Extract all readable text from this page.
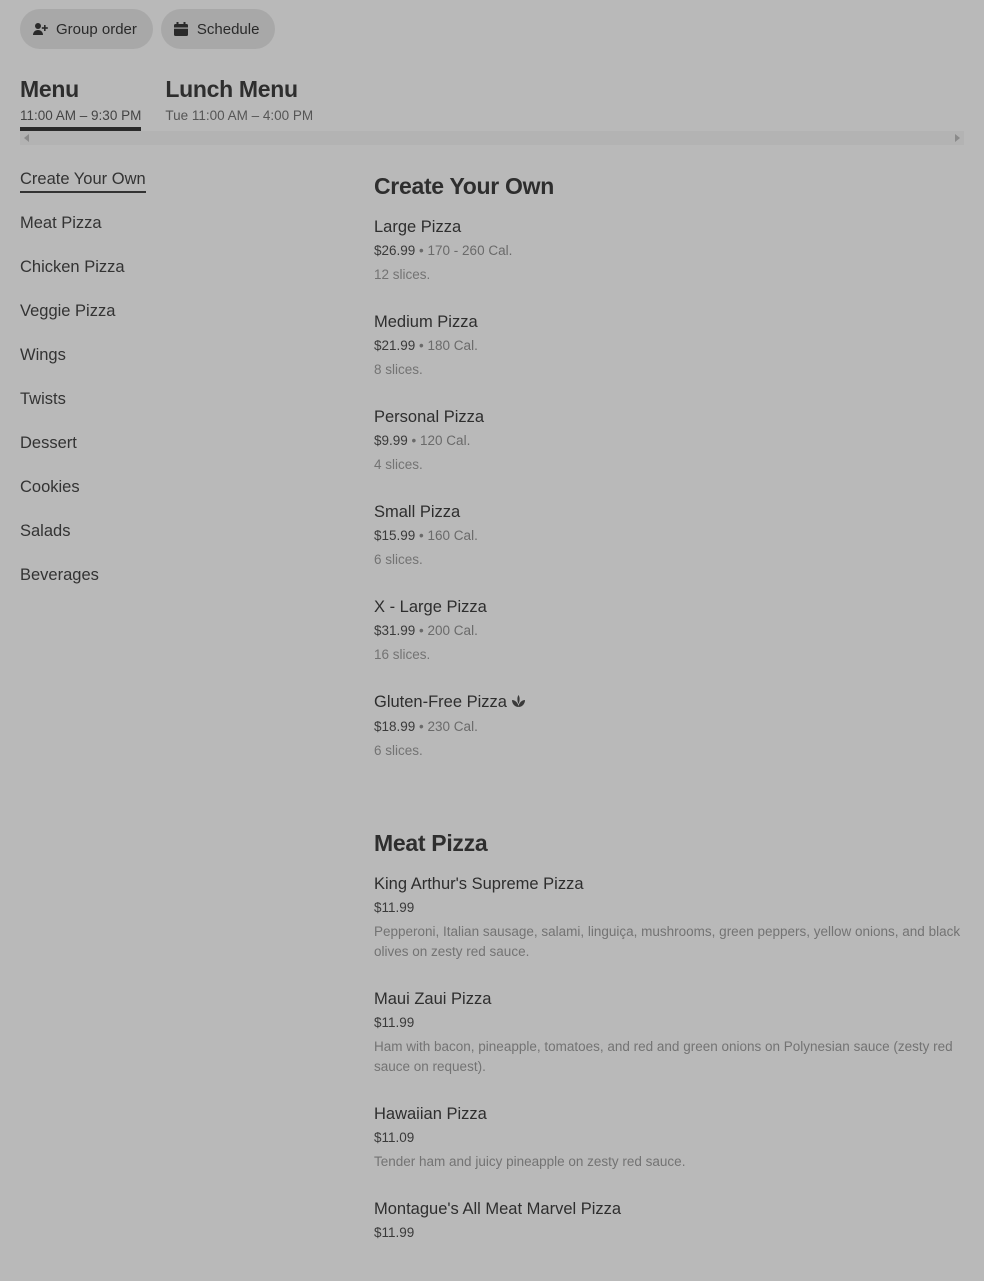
Group order	Schedule
Menu
11:00 AM – 9:30 PM
Lunch Menu
Tue 11:00 AM – 4:00 PM
Create Your Own
Meat Pizza
Chicken Pizza
Veggie Pizza
Wings
Twists
Dessert
Cookies
Salads
Beverages
Create Your Own
Large Pizza
$26.99 • 170 - 260 Cal.
12 slices.
Medium Pizza
$21.99 • 180 Cal.
8 slices.
Personal Pizza
$9.99 • 120 Cal.
4 slices.
Small Pizza
$15.99 • 160 Cal.
6 slices.
X - Large Pizza
$31.99 • 200 Cal.
16 slices.
Gluten-Free Pizza
$18.99 • 230 Cal.
6 slices.
Meat Pizza
King Arthur's Supreme Pizza
$11.99
Pepperoni, Italian sausage, salami, linguiça, mushrooms, green peppers, yellow onions, and black olives on zesty red sauce.
Maui Zaui Pizza
$11.99
Ham with bacon, pineapple, tomatoes, and red and green onions on Polynesian sauce (zesty red sauce on request).
Hawaiian Pizza
$11.09
Tender ham and juicy pineapple on zesty red sauce.
Montague's All Meat Marvel Pizza
$11.99
